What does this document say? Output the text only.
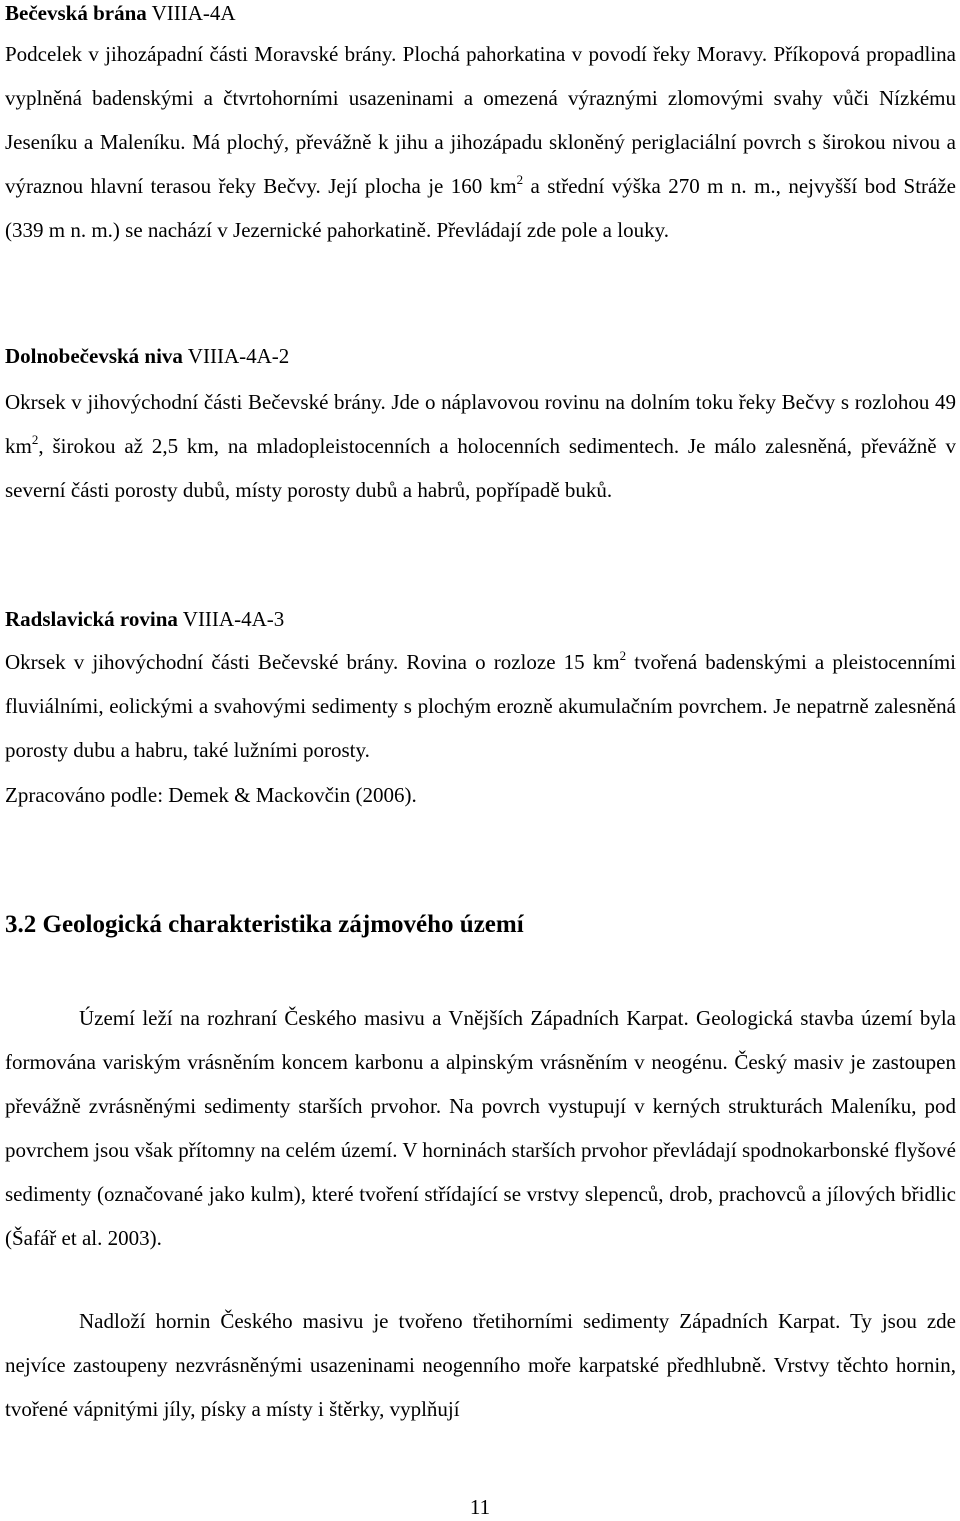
Bečevská brána VIIIA-4A

Podcelek v jihozápadní části Moravské brány. Plochá pahorkatina v povodí řeky Moravy. Příkopová propadlina vyplněná badenskými a čtvrtohorními usazeninami a omezená výraznými zlomovými svahy vůči Nízkému Jeseníku a Maleníku. Má plochý, převážně k jihu a jihozápadu skloněný periglaciální povrch s širokou nivou a výraznou hlavní terasou řeky Bečvy. Její plocha je 160 $km^2$ a střední výška 270 m n. m., nejvyšší bod Stráže (339 m n. m.) se nachází v Jezernické pahorkatině. Převládají zde pole a louky.

Dolnobečevská niva VIIIA-4A-2

Okrsek v jihovýchodní části Bečevské brány. Jde o náplavovou rovinu na dolním toku řeky Bečvy s rozlohou 49 $km^2$, širokou až 2,5 km, na mladopleistocenních a holocenních sedimentech. Je málo zalesněná, převážně v severní části porosty dubů, místy porosty dubů a habrů, popřípadě buků.

Radslavická rovina VIIIA-4A-3

Okrsek v jihovýchodní části Bečevské brány. Rovina o rozloze 15 $km^2$ tvořená badenskými a pleistocenními fluviálními, eolickými a svahovými sedimenty s plochým erozně akumulačním povrchem. Je nepatrně zalesněná porosty dubu a habru, také lužními porosty.

Zpracováno podle: Demek & Mackovčin (2006).

3.2 Geologická charakteristika zájmového území

Území leží na rozhraní Českého masivu a Vnějších Západních Karpat. Geologická stavba území byla formována variským vrásněním koncem karbonu a alpinským vrásněním v neogénu. Český masiv je zastoupen převážně zvrásněnými sedimenty starších prvohor. Na povrch vystupují v kerných strukturách Maleníku, pod povrchem jsou však přítomny na celém území. V horninách starších prvohor převládají spodnokarbonské flyšové sedimenty (označované jako kulm), které tvoření střídající se vrstvy slepenců, drob, prachovců a jílových břidlic (Šafář et al. 2003).

Nadloží hornin Českého masivu je tvořeno třetihorními sedimenty Západních Karpat. Ty jsou zde nejvíce zastoupeny nezvrásněnými usazeninami neogenního moře karpatské předhlubně. Vrstvy těchto hornin, tvořené vápnitými jíly, písky a místy i štěrky, vyplňují

11
